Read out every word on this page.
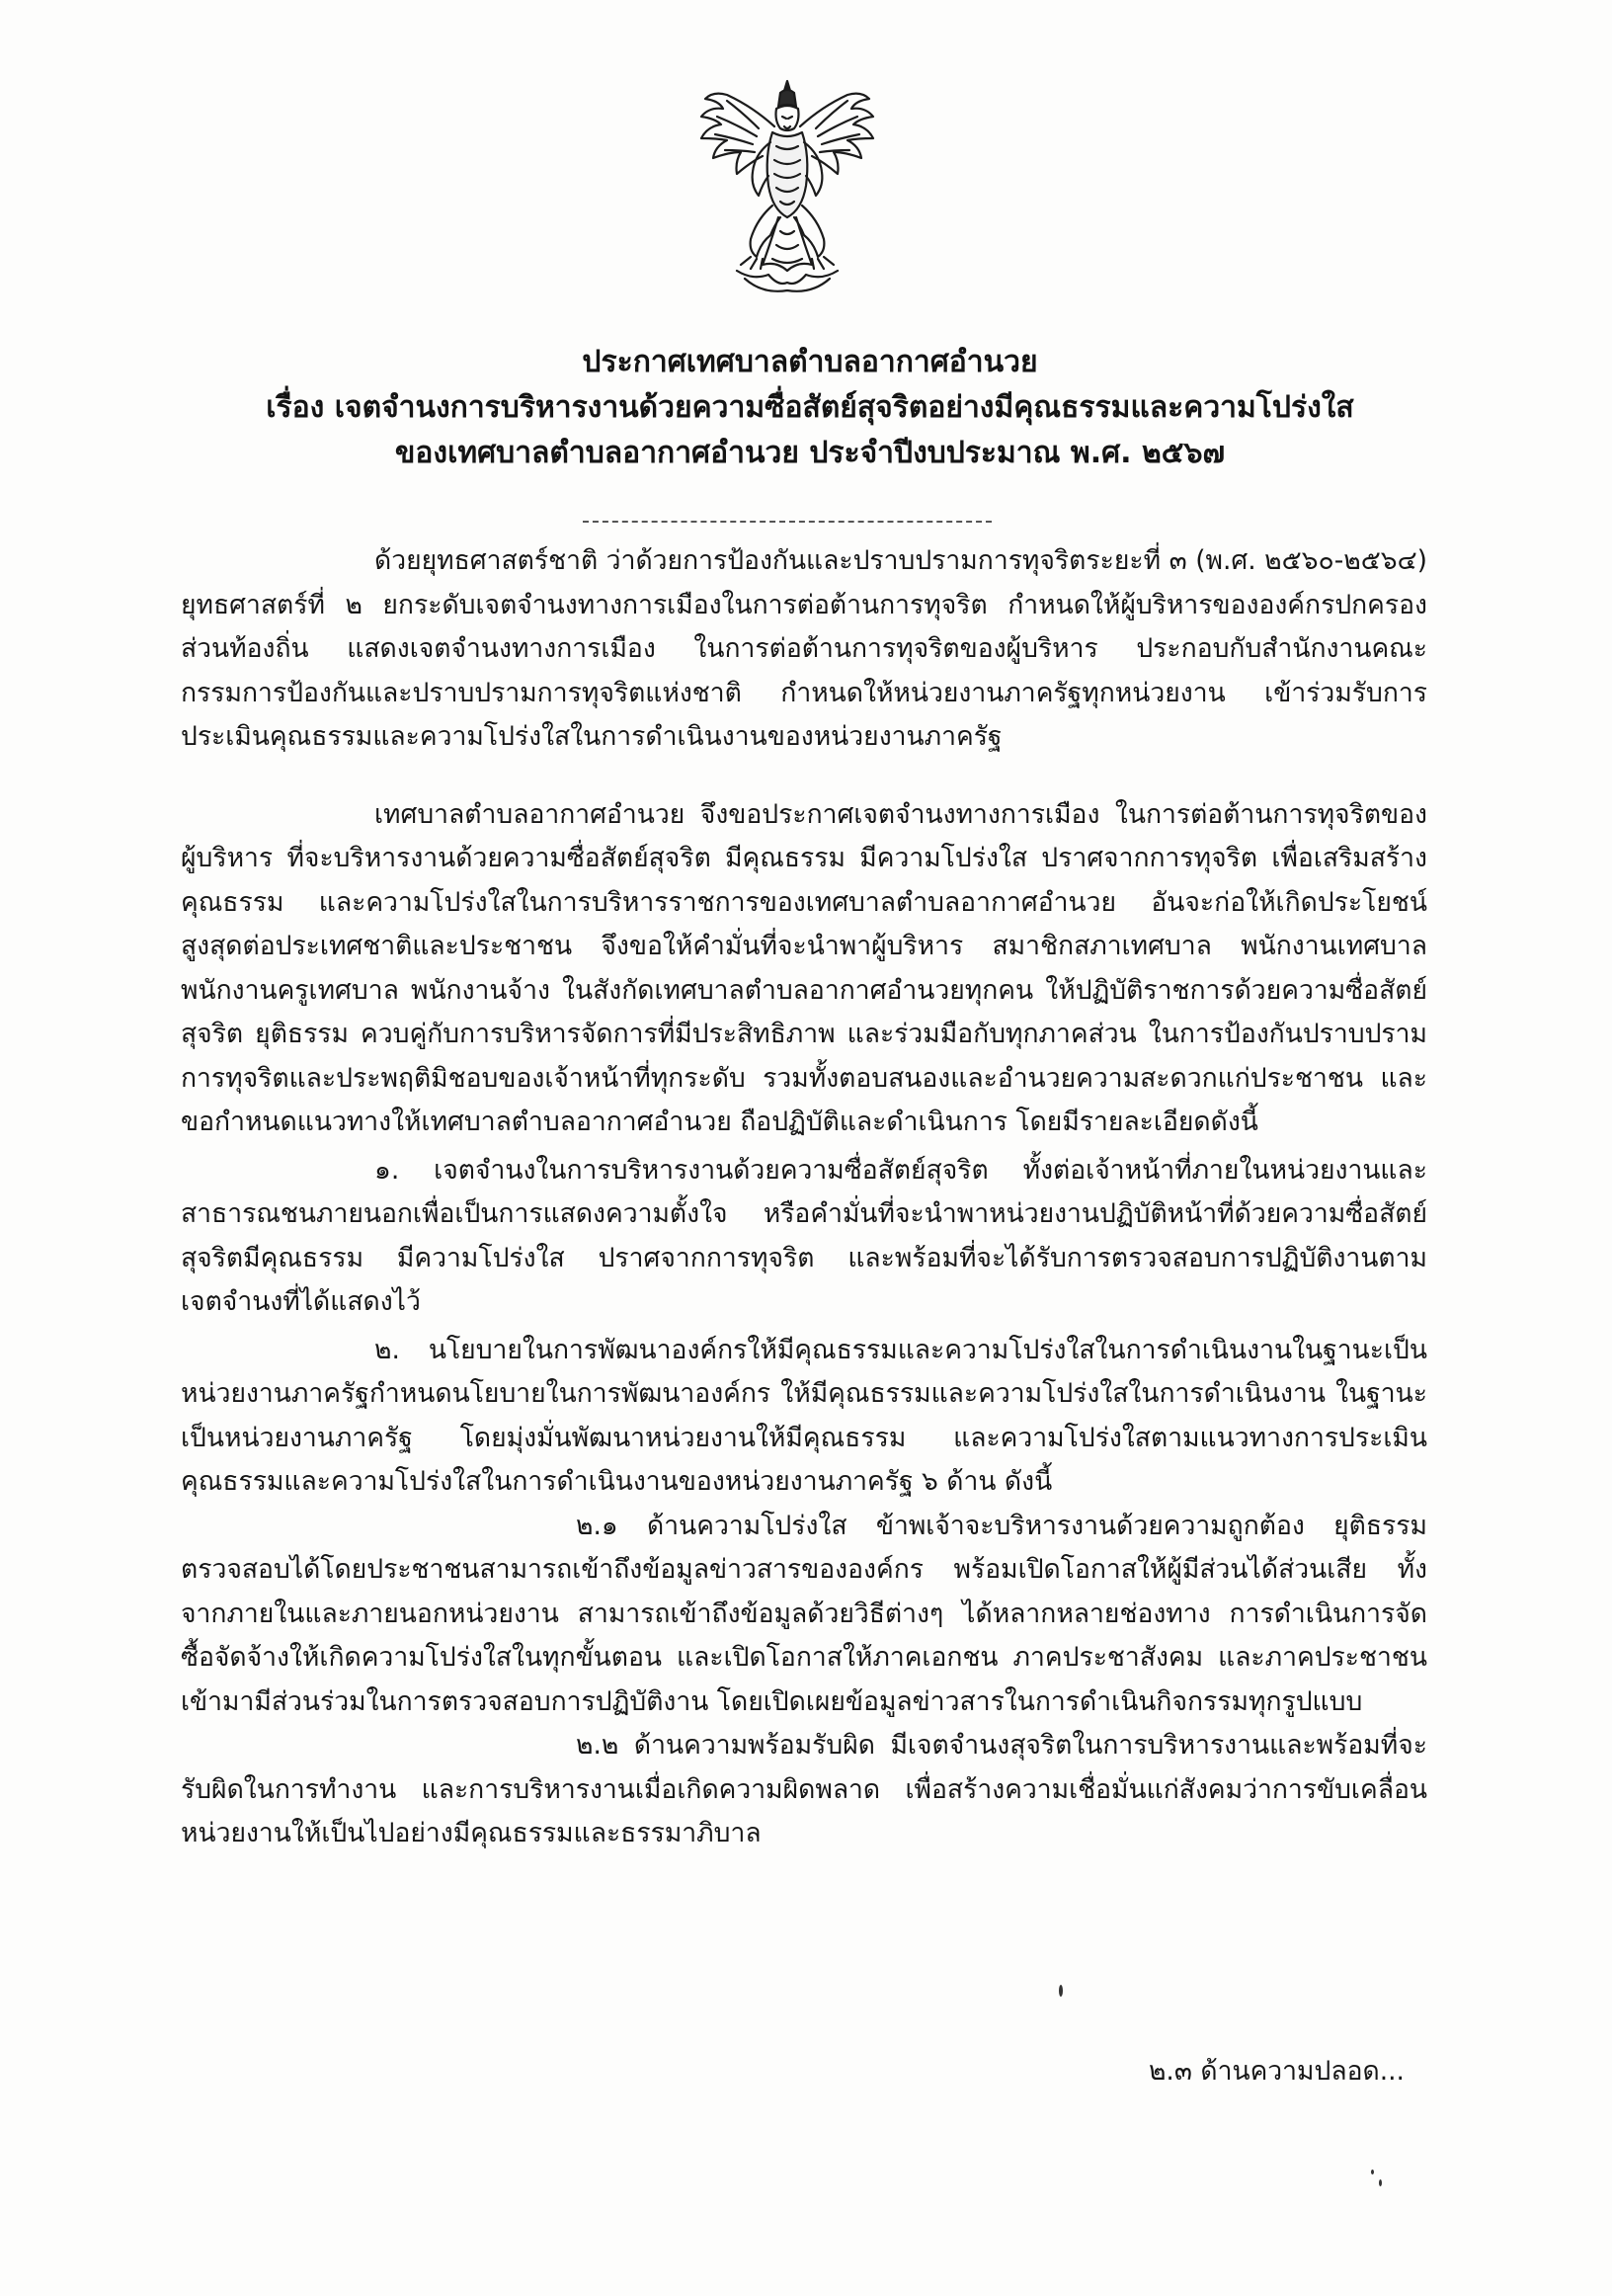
ประกาศเทศบาลตำบลอากาศอำนวย
เรื่อง เจตจำนงการบริหารงานด้วยความซื่อสัตย์สุจริตอย่างมีคุณธรรมและความโปร่งใส
ของเทศบาลตำบลอากาศอำนวย ประจำปีงบประมาณ พ.ศ. ๒๕๖๗

ด้วยยุทธศาสตร์ชาติ ว่าด้วยการป้องกันและปราบปรามการทุจริตระยะที่ ๓ (พ.ศ. ๒๕๖๐-๒๕๖๔) ยุทธศาสตร์ที่ ๒ ยกระดับเจตจำนงทางการเมืองในการต่อต้านการทุจริต กำหนดให้ผู้บริหารขององค์กรปกครองส่วนท้องถิ่น แสดงเจตจำนงทางการเมือง ในการต่อต้านการทุจริตของผู้บริหาร ประกอบกับสำนักงานคณะกรรมการป้องกันและปราบปรามการทุจริตแห่งชาติ กำหนดให้หน่วยงานภาครัฐทุกหน่วยงาน เข้าร่วมรับการประเมินคุณธรรมและความโปร่งใสในการดำเนินงานของหน่วยงานภาครัฐ

เทศบาลตำบลอากาศอำนวย จึงขอประกาศเจตจำนงทางการเมือง ในการต่อต้านการทุจริตของผู้บริหาร ที่จะบริหารงานด้วยความซื่อสัตย์สุจริต มีคุณธรรม มีความโปร่งใส ปราศจากการทุจริต เพื่อเสริมสร้างคุณธรรม และความโปร่งใสในการบริหารราชการของเทศบาลตำบลอากาศอำนวย อันจะก่อให้เกิดประโยชน์สูงสุดต่อประเทศชาติและประชาชน จึงขอให้คำมั่นที่จะนำพาผู้บริหาร สมาชิกสภาเทศบาล พนักงานเทศบาล พนักงานครูเทศบาล พนักงานจ้าง ในสังกัดเทศบาลตำบลอากาศอำนวยทุกคน ให้ปฏิบัติราชการด้วยความซื่อสัตย์ สุจริต ยุติธรรม ควบคู่กับการบริหารจัดการที่มีประสิทธิภาพ และร่วมมือกับทุกภาคส่วน ในการป้องกันปราบปรามการทุจริตและประพฤติมิชอบของเจ้าหน้าที่ทุกระดับ รวมทั้งตอบสนองและอำนวยความสะดวกแก่ประชาชน และขอกำหนดแนวทางให้เทศบาลตำบลอากาศอำนวย ถือปฏิบัติและดำเนินการ โดยมีรายละเอียดดังนี้

๑. เจตจำนงในการบริหารงานด้วยความซื่อสัตย์สุจริต ทั้งต่อเจ้าหน้าที่ภายในหน่วยงานและสาธารณชนภายนอกเพื่อเป็นการแสดงความตั้งใจ หรือคำมั่นที่จะนำพาหน่วยงานปฏิบัติหน้าที่ด้วยความซื่อสัตย์สุจริตมีคุณธรรม มีความโปร่งใส ปราศจากการทุจริต และพร้อมที่จะได้รับการตรวจสอบการปฏิบัติงานตามเจตจำนงที่ได้แสดงไว้

๒. นโยบายในการพัฒนาองค์กรให้มีคุณธรรมและความโปร่งใสในการดำเนินงานในฐานะเป็นหน่วยงานภาครัฐกำหนดนโยบายในการพัฒนาองค์กร ให้มีคุณธรรมและความโปร่งใสในการดำเนินงาน ในฐานะเป็นหน่วยงานภาครัฐ โดยมุ่งมั่นพัฒนาหน่วยงานให้มีคุณธรรม และความโปร่งใสตามแนวทางการประเมินคุณธรรมและความโปร่งใสในการดำเนินงานของหน่วยงานภาครัฐ ๖ ด้าน ดังนี้

๒.๑ ด้านความโปร่งใส ข้าพเจ้าจะบริหารงานด้วยความถูกต้อง ยุติธรรม ตรวจสอบได้โดยประชาชนสามารถเข้าถึงข้อมูลข่าวสารขององค์กร พร้อมเปิดโอกาสให้ผู้มีส่วนได้ส่วนเสีย ทั้งจากภายในและภายนอกหน่วยงาน สามารถเข้าถึงข้อมูลด้วยวิธีต่างๆ ได้หลากหลายช่องทาง การดำเนินการจัดซื้อจัดจ้างให้เกิดความโปร่งใสในทุกขั้นตอน และเปิดโอกาสให้ภาคเอกชน ภาคประชาสังคม และภาคประชาชน เข้ามามีส่วนร่วมในการตรวจสอบการปฏิบัติงาน โดยเปิดเผยข้อมูลข่าวสารในการดำเนินกิจกรรมทุกรูปแบบ

๒.๒ ด้านความพร้อมรับผิด มีเจตจำนงสุจริตในการบริหารงานและพร้อมที่จะรับผิดในการทำงาน และการบริหารงานเมื่อเกิดความผิดพลาด เพื่อสร้างความเชื่อมั่นแก่สังคมว่าการขับเคลื่อนหน่วยงานให้เป็นไปอย่างมีคุณธรรมและธรรมาภิบาล

๒.๓ ด้านความปลอด...
